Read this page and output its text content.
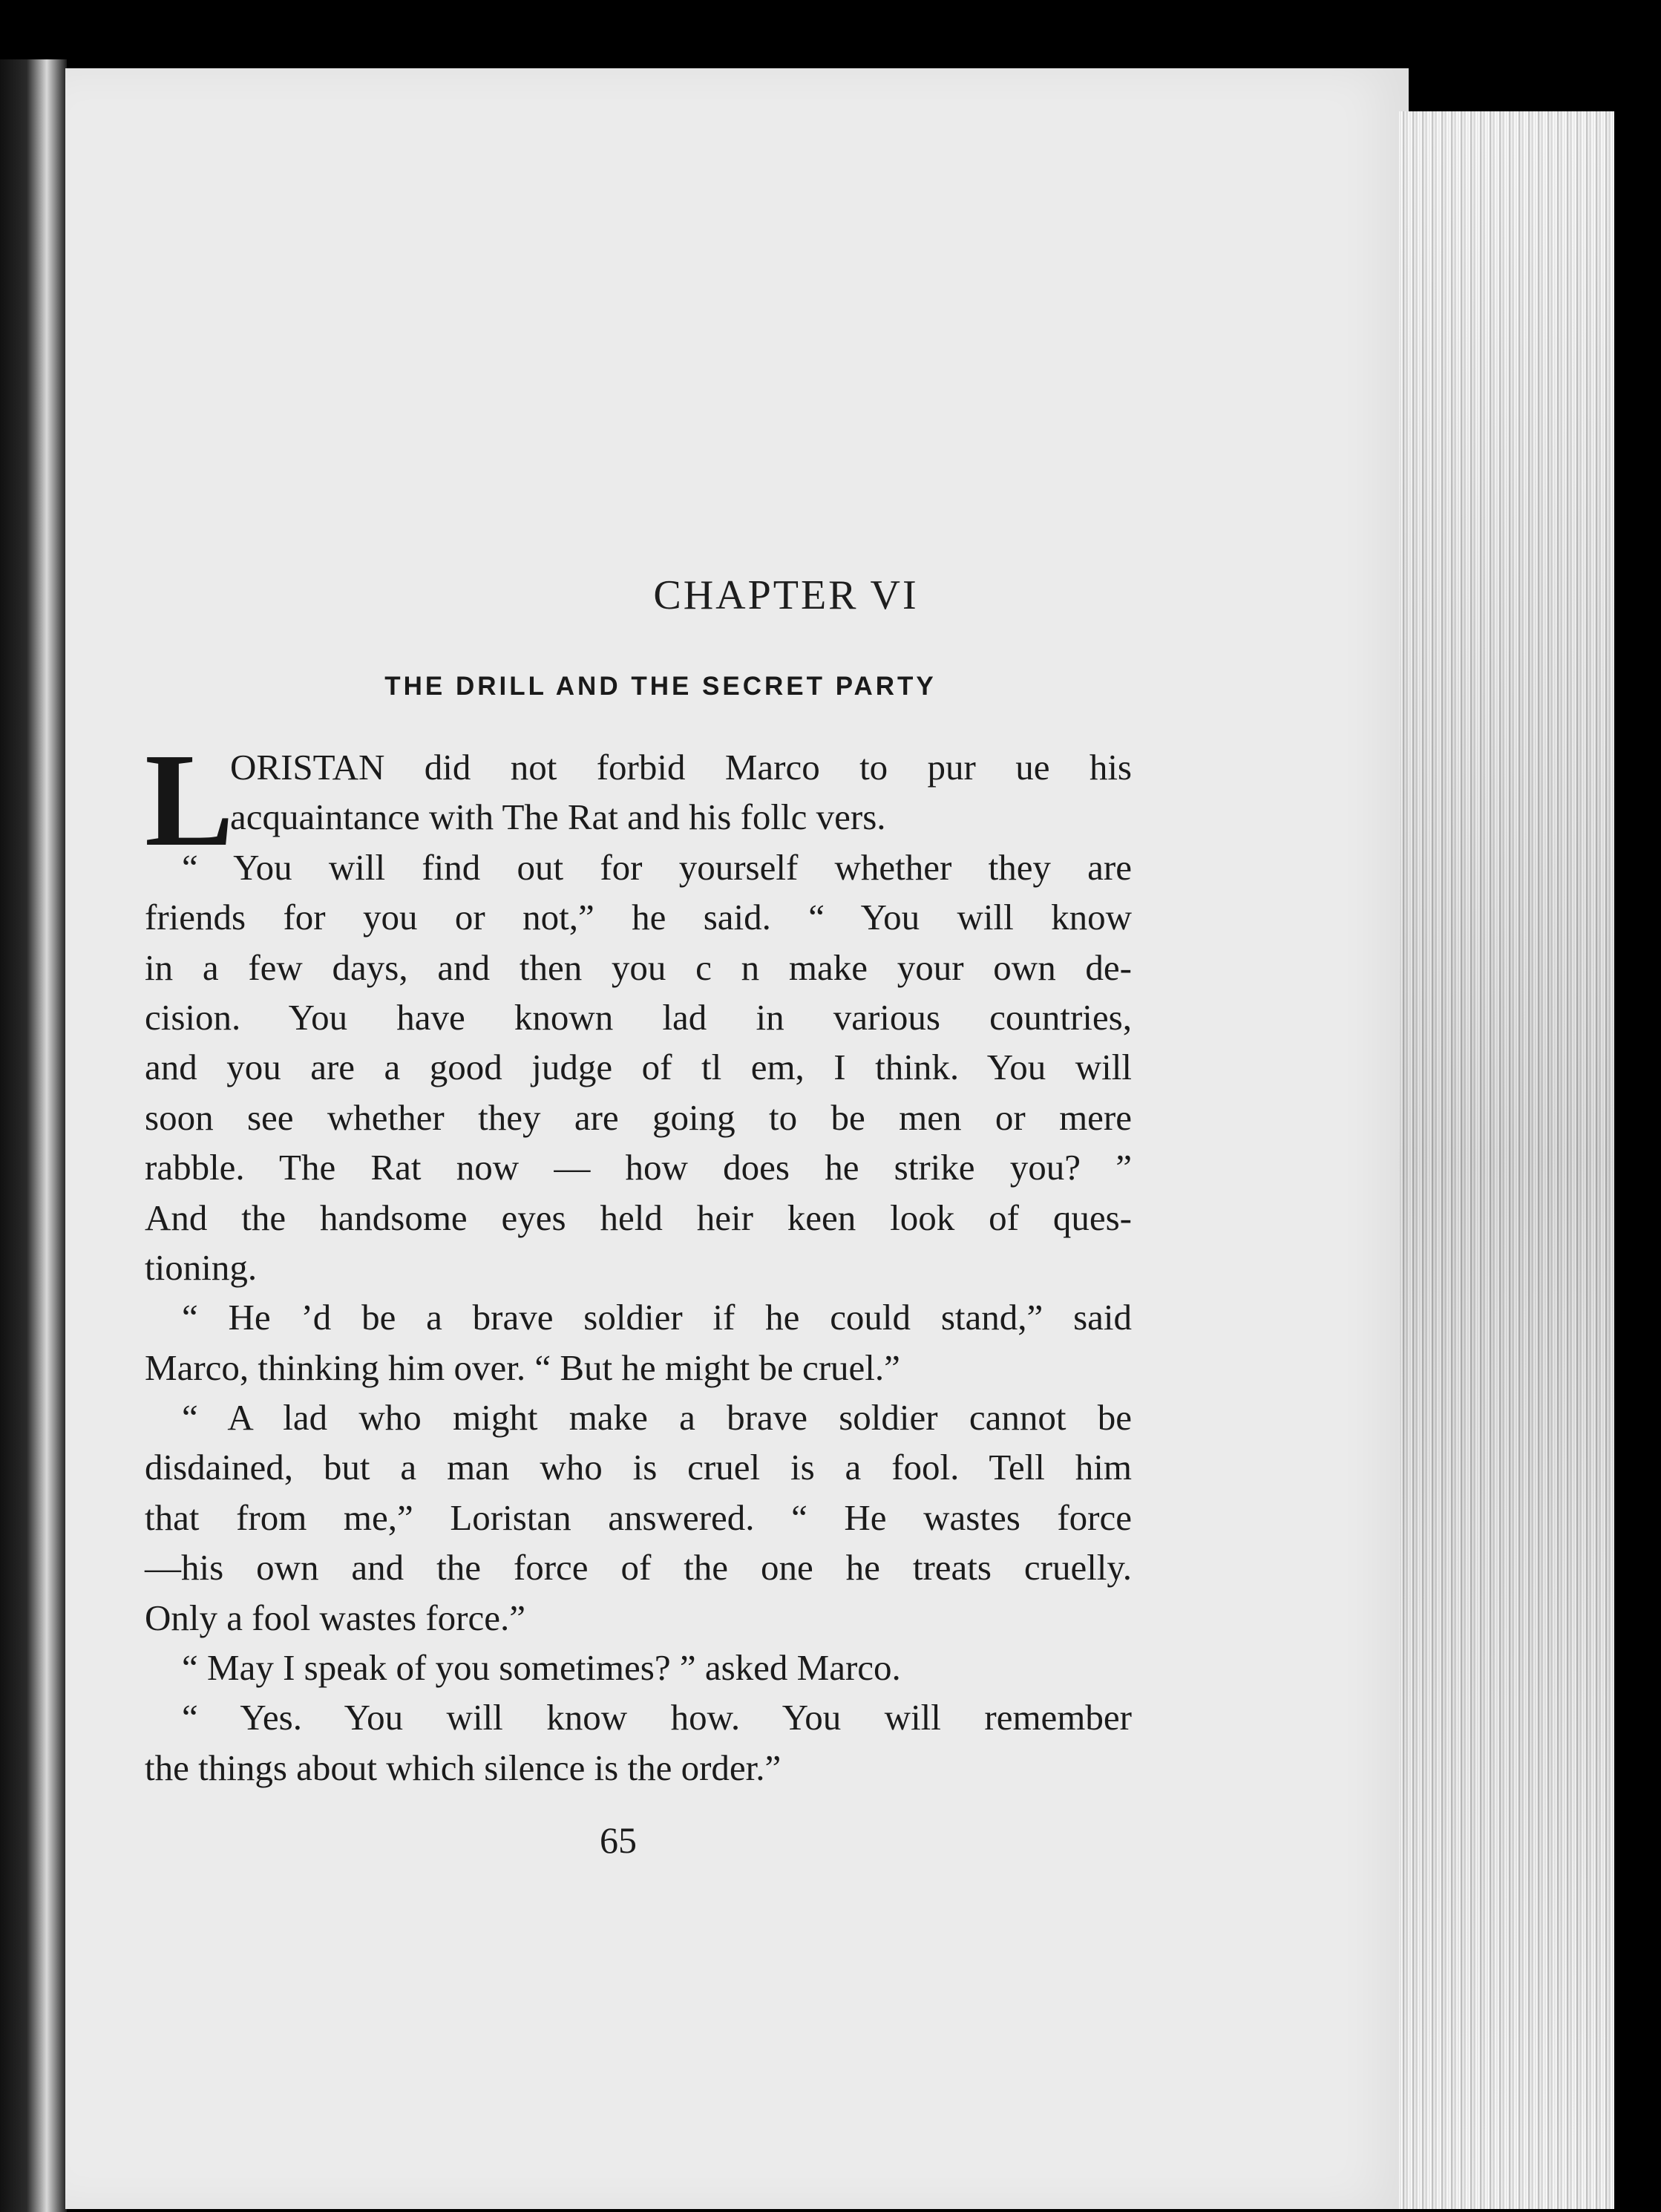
CHAPTER VI
THE DRILL AND THE SECRET PARTY
L
ORISTAN did not forbid Marco to pur ue his
acquaintance with The Rat and his follc vers.
“ You will find out for yourself whether they are
friends for you or not,” he said. “ You will know
in a few days, and then you c n make your own de-
cision. You have known lad in various countries,
and you are a good judge of tl em, I think. You will
soon see whether they are going to be men or mere
rabble. The Rat now — how does he strike you? ”
And the handsome eyes held heir keen look of ques-
tioning.
“ He ’d be a brave soldier if he could stand,” said
Marco, thinking him over. “ But he might be cruel.”
“ A lad who might make a brave soldier cannot be
disdained, but a man who is cruel is a fool. Tell him
that from me,” Loristan answered. “ He wastes force
—his own and the force of the one he treats cruelly.
Only a fool wastes force.”
“ May I speak of you sometimes? ” asked Marco.
“ Yes. You will know how. You will remember
the things about which silence is the order.”
65
